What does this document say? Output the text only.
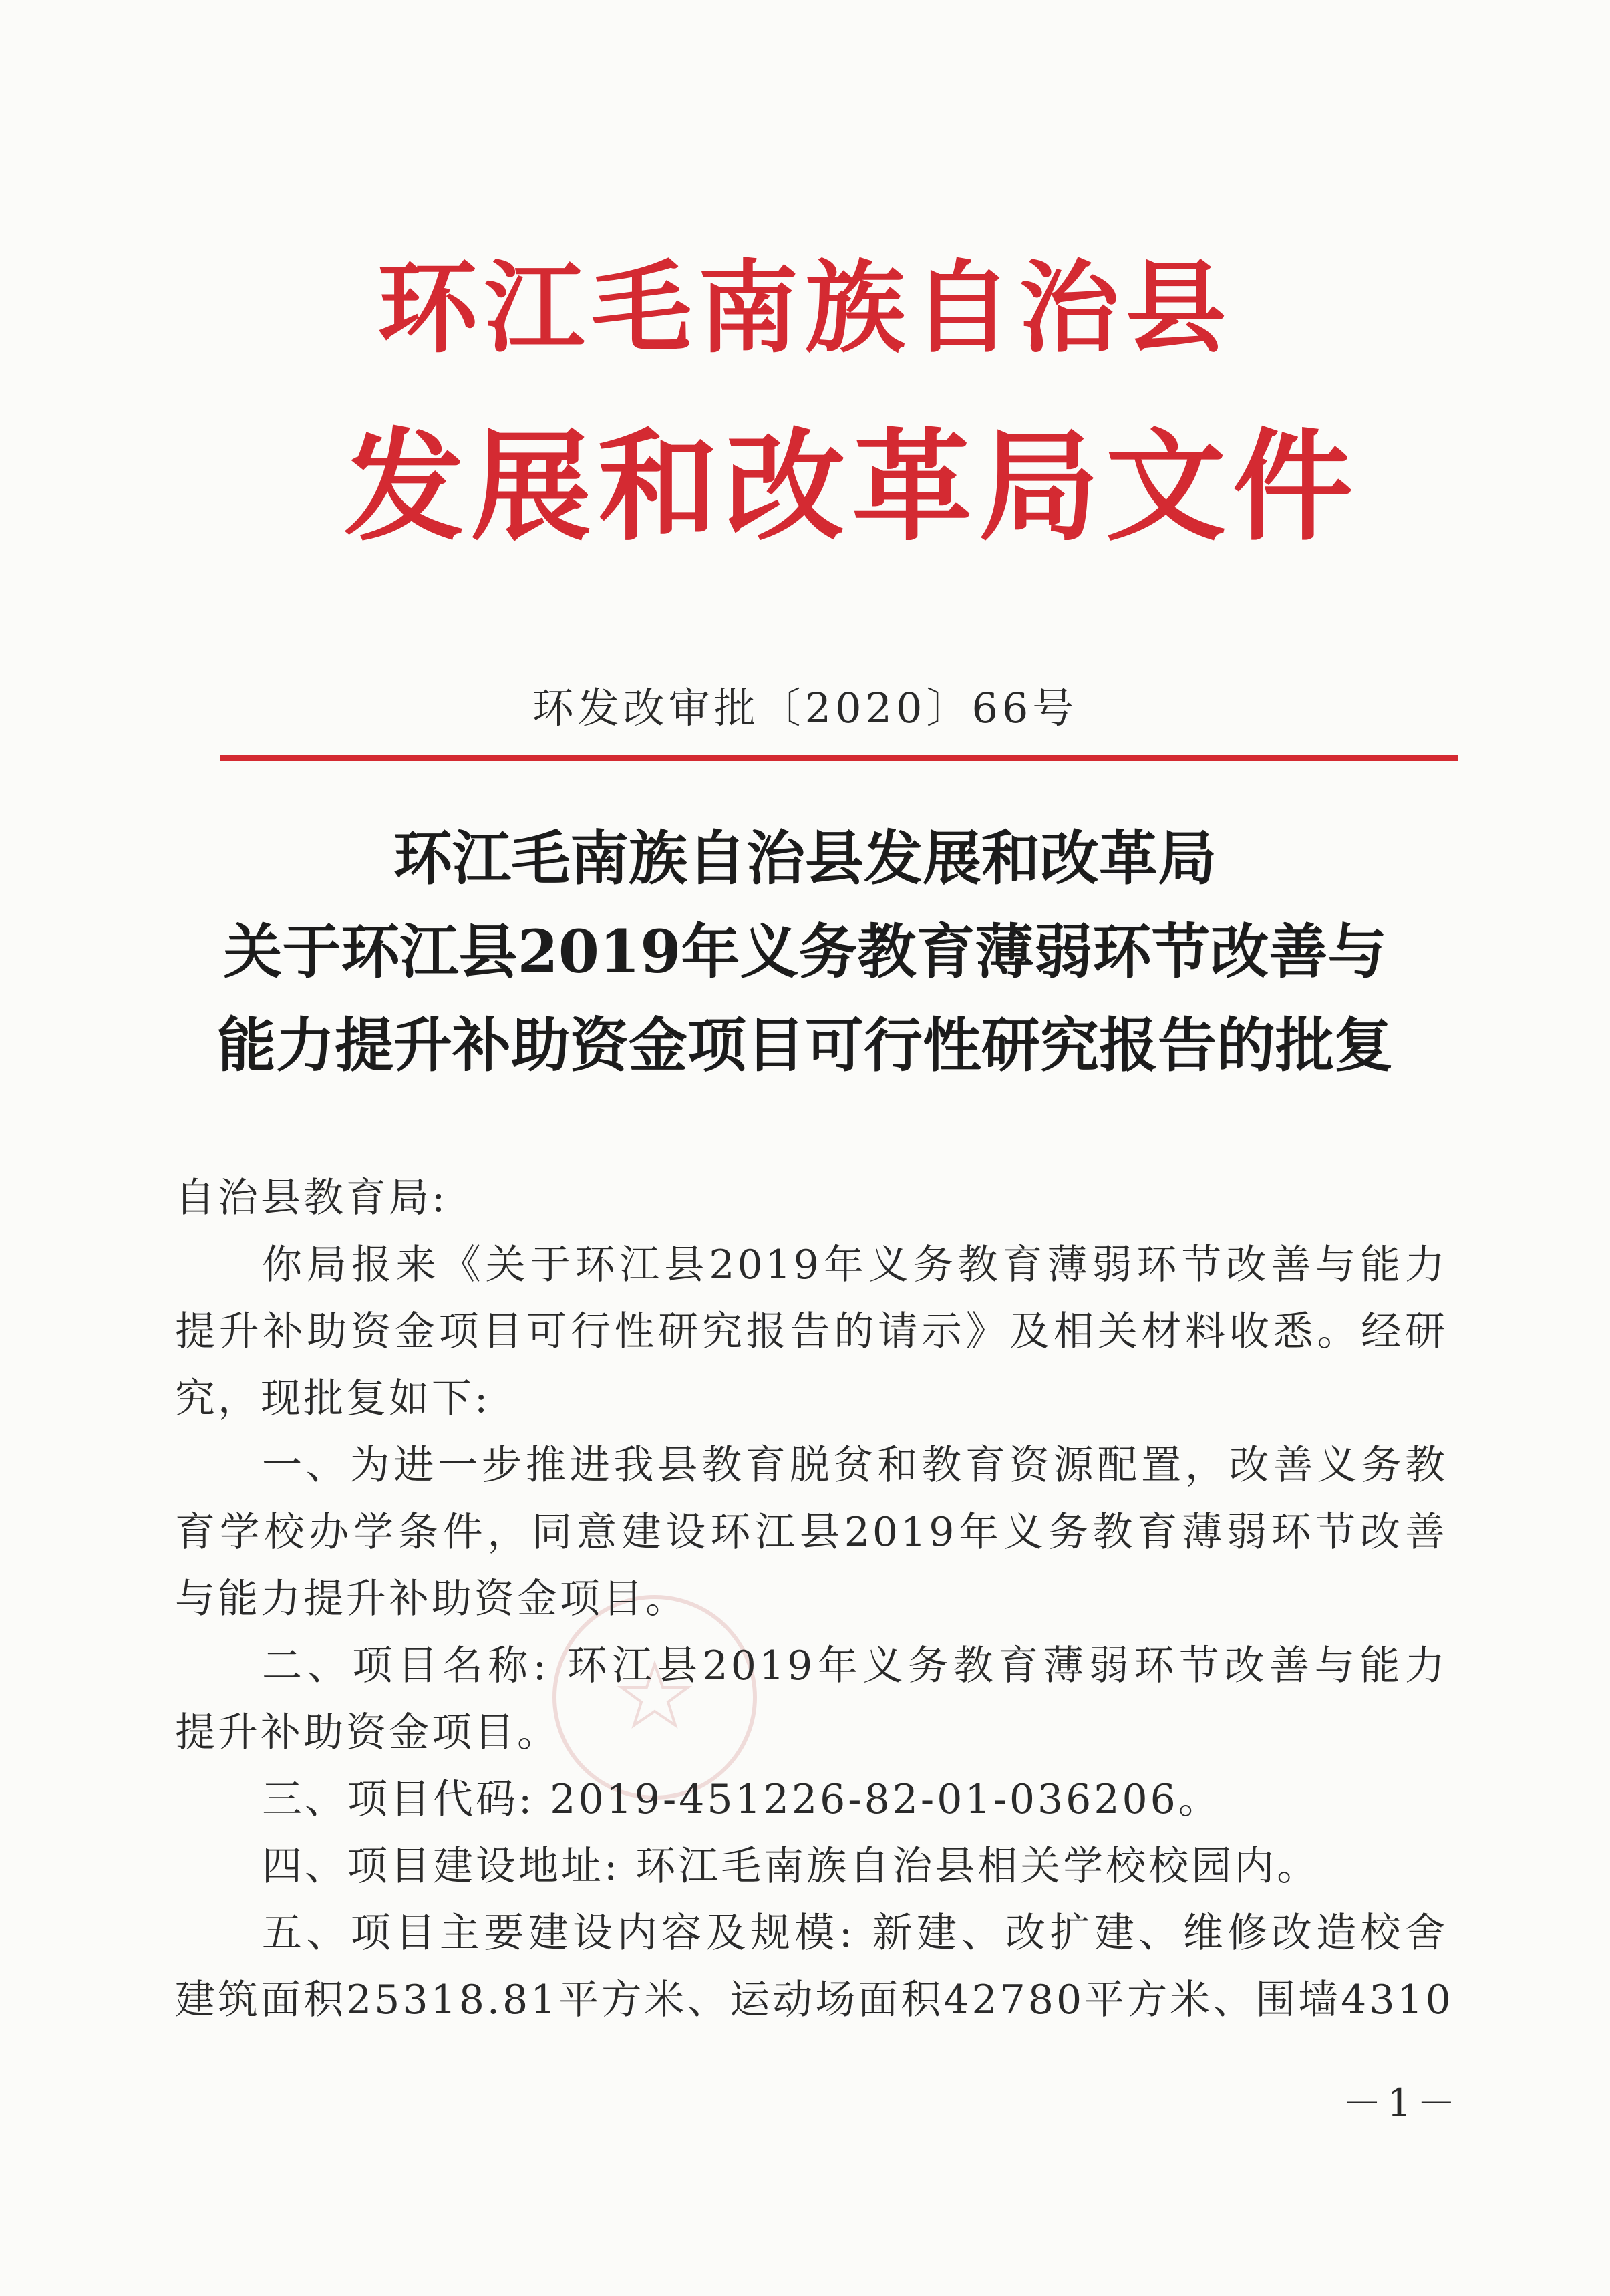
环江毛南族自治县
发展和改革局文件
环发改审批〔2020〕66号
环江毛南族自治县发展和改革局
关于环江县2019年义务教育薄弱环节改善与
能力提升补助资金项目可行性研究报告的批复
自治县教育局:
你局报来《关于环江县2019年义务教育薄弱环节改善与能力
提升补助资金项目可行性研究报告的请示》及相关材料收悉。经研
究，现批复如下:
一、为进一步推进我县教育脱贫和教育资源配置，改善义务教
育学校办学条件，同意建设环江县2019年义务教育薄弱环节改善
与能力提升补助资金项目。
二、项目名称: 环江县2019年义务教育薄弱环节改善与能力
提升补助资金项目。
三、项目代码: 2019-451226-82-01-036206。
四、项目建设地址: 环江毛南族自治县相关学校校园内。
五、项目主要建设内容及规模: 新建、改扩建、维修改造校舍
建筑面积25318.81平方米、运动场面积42780平方米、围墙4310
－1－
